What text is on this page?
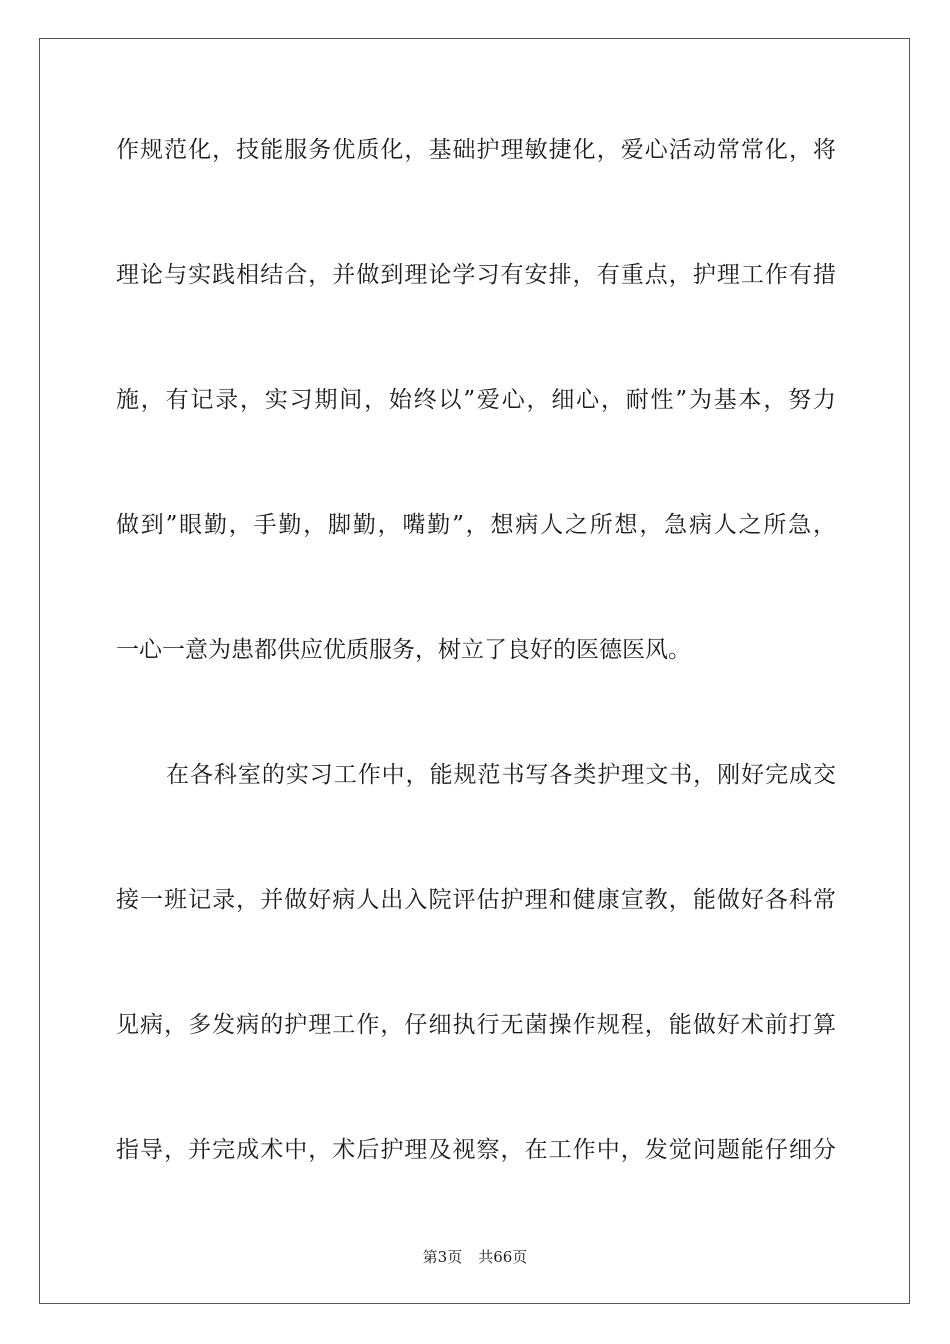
作规范化，技能服务优质化，基础护理敏捷化，爱心活动常常化，将
理论与实践相结合，并做到理论学习有安排，有重点，护理工作有措
施，有记录，实习期间，始终以”爱心，细心，耐性”为基本，努力
做到”眼勤，手勤，脚勤，嘴勤”，想病人之所想，急病人之所急，
一心一意为患都供应优质服务，树立了良好的医德医风。
在各科室的实习工作中，能规范书写各类护理文书，刚好完成交
接一班记录，并做好病人出入院评估护理和健康宣教，能做好各科常
见病，多发病的护理工作，仔细执行无菌操作规程，能做好术前打算
指导，并完成术中，术后护理及视察，在工作中，发觉问题能仔细分
第3页 共66页
